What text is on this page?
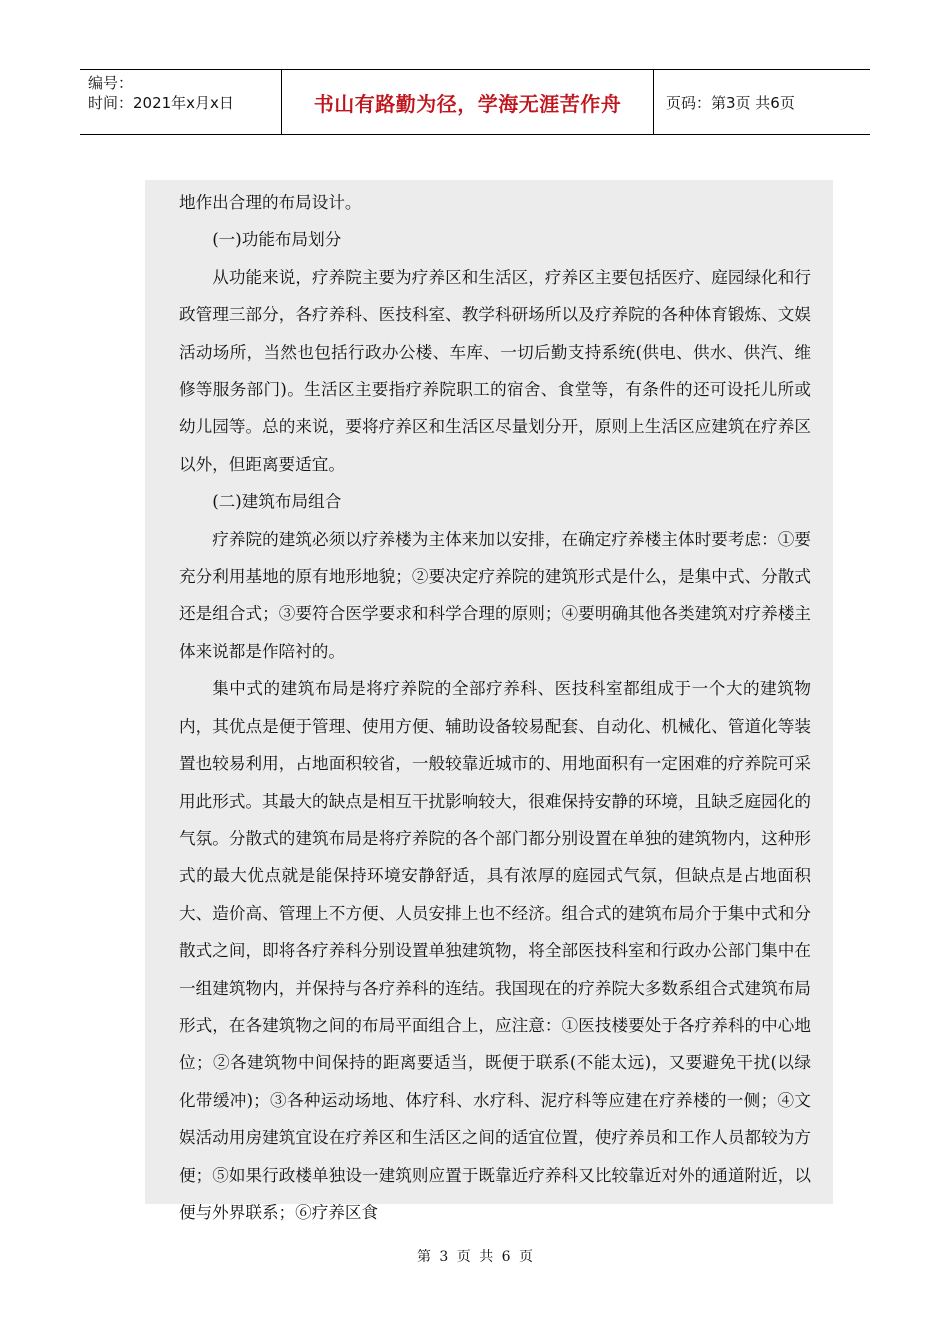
编号：
时间：2021年x月x日	书山有路勤为径，学海无涯苦作舟	页码：第3页 共6页

地作出合理的布局设计。

(一)功能布局划分

从功能来说，疗养院主要为疗养区和生活区，疗养区主要包括医疗、庭园绿化和行政管理三部分，各疗养科、医技科室、教学科研场所以及疗养院的各种体育锻炼、文娱活动场所，当然也包括行政办公楼、车库、一切后勤支持系统(供电、供水、供汽、维修等服务部门)。生活区主要指疗养院职工的宿舍、食堂等，有条件的还可设托儿所或幼儿园等。总的来说，要将疗养区和生活区尽量划分开，原则上生活区应建筑在疗养区以外，但距离要适宜。

(二)建筑布局组合

疗养院的建筑必须以疗养楼为主体来加以安排，在确定疗养楼主体时要考虑：①要充分利用基地的原有地形地貌；②要决定疗养院的建筑形式是什么，是集中式、分散式还是组合式；③要符合医学要求和科学合理的原则；④要明确其他各类建筑对疗养楼主体来说都是作陪衬的。

集中式的建筑布局是将疗养院的全部疗养科、医技科室都组成于一个大的建筑物内，其优点是便于管理、使用方便、辅助设备较易配套、自动化、机械化、管道化等装置也较易利用，占地面积较省，一般较靠近城市的、用地面积有一定困难的疗养院可采用此形式。其最大的缺点是相互干扰影响较大，很难保持安静的环境，且缺乏庭园化的气氛。分散式的建筑布局是将疗养院的各个部门都分别设置在单独的建筑物内，这种形式的最大优点就是能保持环境安静舒适，具有浓厚的庭园式气氛，但缺点是占地面积大、造价高、管理上不方便、人员安排上也不经济。组合式的建筑布局介于集中式和分散式之间，即将各疗养科分别设置单独建筑物，将全部医技科室和行政办公部门集中在一组建筑物内，并保持与各疗养科的连结。我国现在的疗养院大多数系组合式建筑布局形式，在各建筑物之间的布局平面组合上，应注意：①医技楼要处于各疗养科的中心地位；②各建筑物中间保持的距离要适当，既便于联系(不能太远)，又要避免干扰(以绿化带缓冲)；③各种运动场地、体疗科、水疗科、泥疗科等应建在疗养楼的一侧；④文娱活动用房建筑宜设在疗养区和生活区之间的适宜位置，使疗养员和工作人员都较为方便；⑤如果行政楼单独设一建筑则应置于既靠近疗养科又比较靠近对外的通道附近，以便与外界联系；⑥疗养区食

第 3 页 共 6 页
